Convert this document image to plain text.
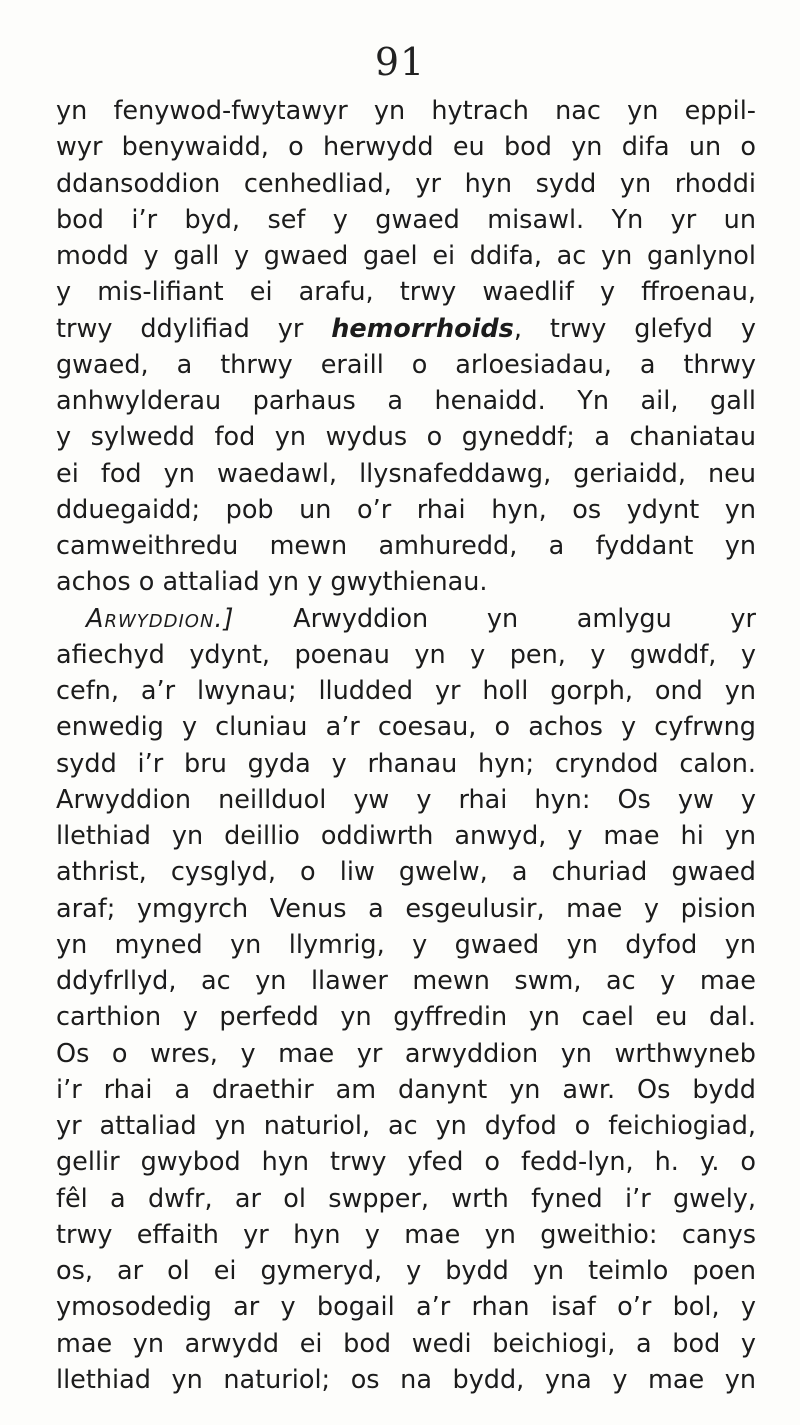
91
yn fenywod-fwytawyr yn hytrach nac yn eppil-
wyr benywaidd, o herwydd eu bod yn difa un o
ddansoddion cenhedliad, yr hyn sydd yn rhoddi
bod i’r byd, sef y gwaed misawl. Yn yr un
modd y gall y gwaed gael ei ddifa, ac yn ganlynol
y mis-lifiant ei arafu, trwy waedlif y ffroenau,
trwy ddylifiad yr hemorrhoids, trwy glefyd y
gwaed, a thrwy eraill o arloesiadau, a thrwy
anhwylderau parhaus a henaidd. Yn ail, gall
y sylwedd fod yn wydus o gyneddf; a chaniatau
ei fod yn waedawl, llysnafeddawg, geriaidd, neu
dduegaidd; pob un o’r rhai hyn, os ydynt yn
camweithredu mewn amhuredd, a fyddant yn
achos o attaliad yn y gwythienau.
Arwyddion.] Arwyddion yn amlygu yr
afiechyd ydynt, poenau yn y pen, y gwddf, y
cefn, a’r lwynau; lludded yr holl gorph, ond yn
enwedig y cluniau a’r coesau, o achos y cyfrwng
sydd i’r bru gyda y rhanau hyn; cryndod calon.
Arwyddion neillduol yw y rhai hyn: Os yw y
llethiad yn deillio oddiwrth anwyd, y mae hi yn
athrist, cysglyd, o liw gwelw, a churiad gwaed
araf; ymgyrch Venus a esgeulusir, mae y pision
yn myned yn llymrig, y gwaed yn dyfod yn
ddyfrllyd, ac yn llawer mewn swm, ac y mae
carthion y perfedd yn gyffredin yn cael eu dal.
Os o wres, y mae yr arwyddion yn wrthwyneb
i’r rhai a draethir am danynt yn awr. Os bydd
yr attaliad yn naturiol, ac yn dyfod o feichiogiad,
gellir gwybod hyn trwy yfed o fedd-lyn, h. y. o
fêl a dwfr, ar ol swpper, wrth fyned i’r gwely,
trwy effaith yr hyn y mae yn gweithio: canys
os, ar ol ei gymeryd, y bydd yn teimlo poen
ymosodedig ar y bogail a’r rhan isaf o’r bol, y
mae yn arwydd ei bod wedi beichiogi, a bod y
llethiad yn naturiol; os na bydd, yna y mae yn
